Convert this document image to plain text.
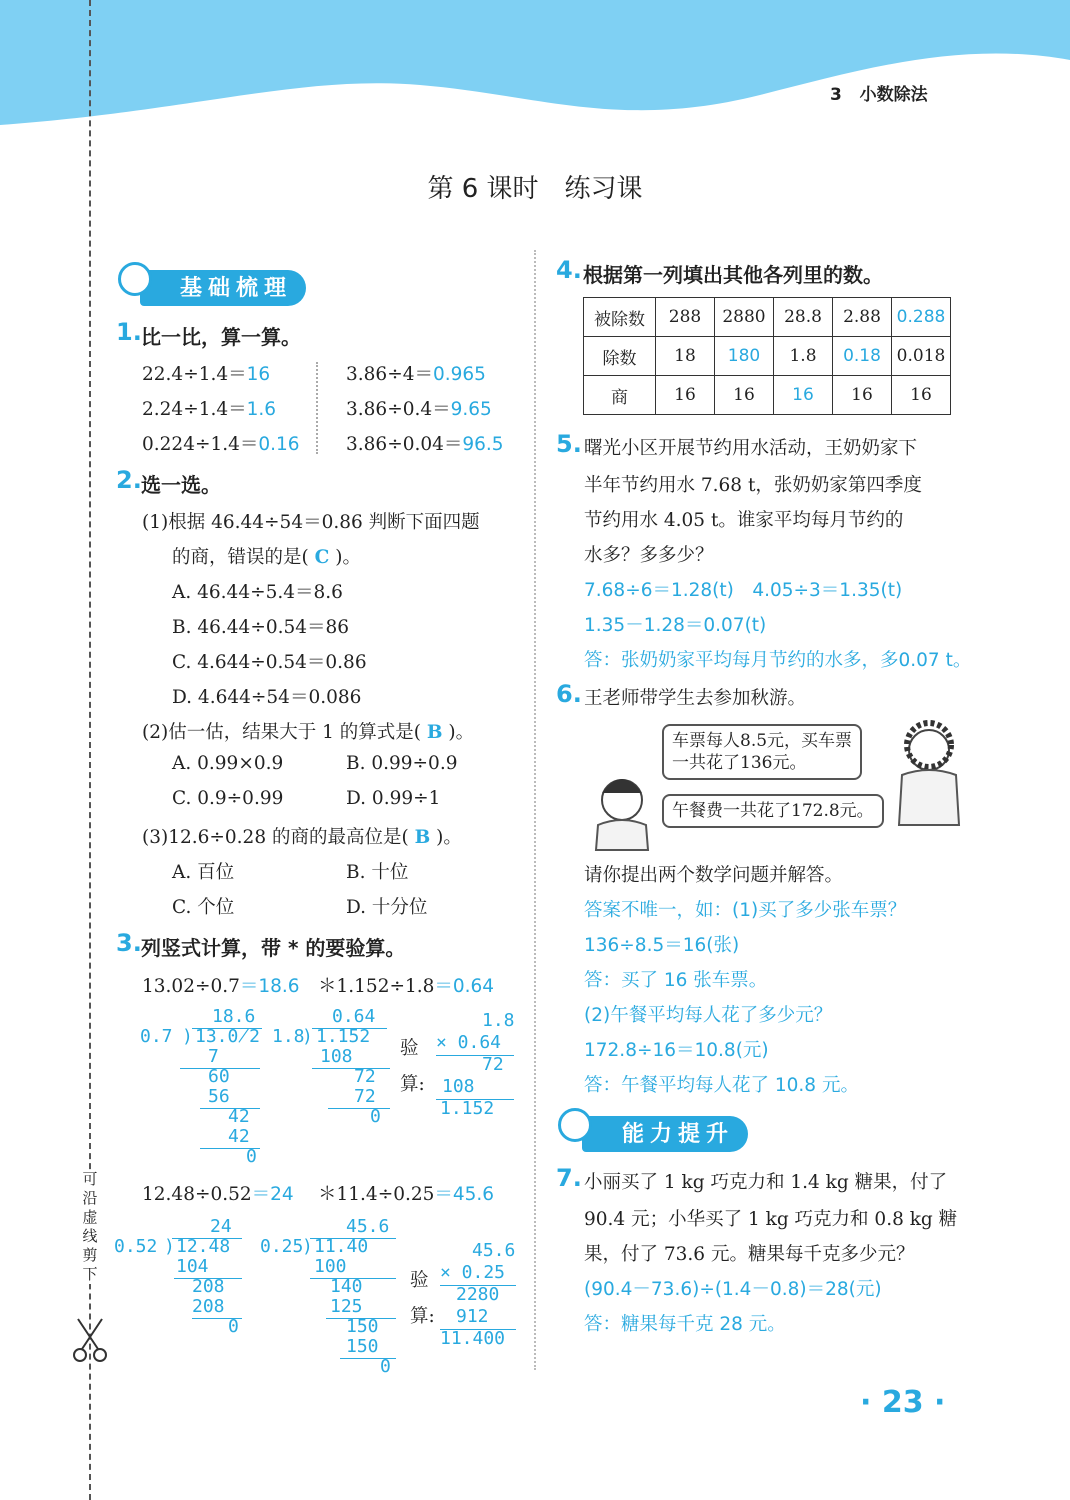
3 小数除法
第 6 课时　练习课
基础梳理
1. 比一比，算一算。
22.4÷1.4＝16
2.24÷1.4＝1.6
0.224÷1.4＝0.16
3.86÷4＝0.965
3.86÷0.4＝9.65
3.86÷0.04＝96.5
2. 选一选。
(1)根据 46.44÷54＝0.86 判断下面四题
的商，错误的是( C )。
A. 46.44÷5.4＝8.6
B. 46.44÷0.54＝86
C. 4.644÷0.54＝0.86
D. 4.644÷54＝0.086
(2)估一估，结果大于 1 的算式是( B )。
A. 0.99×0.9	B. 0.99÷0.9
C. 0.9÷0.99	D. 0.99÷1
(3)12.6÷0.28 的商的最高位是( B )。
A. 百位	B. 十位
C. 个位	D. 十分位
3. 列竖式计算，带 * 的要验算。
13.02÷0.7＝18.6 ＊1.152÷1.8＝0.64
18.6
0.7 ) 13.0̸2
7
60
56
42
42
0
0.64
1.8
) 1.152
108
72
72
0
验
算:
1.8
× 0.64
72
108
1.152
12.48÷0.52＝24 ＊11.4÷0.25＝45.6
24
0.52 ) 12.48
104
208
208
0
45.6
0.25
) 11.40
100
140
125
150
150
0
验
算:
45.6
× 0.25
2280
912
11.400
4. 根据第一列填出其他各列里的数。
被除数	288	2880	28.8	2.88	0.288
除数	18	180	1.8	0.18	0.018
商	16	16	16	16	16
5. 曙光小区开展节约用水活动，王奶奶家下
半年节约用水 7.68 t，张奶奶家第四季度
节约用水 4.05 t。谁家平均每月节约的
水多？多多少？
7.68÷6＝1.28(t)　4.05÷3＝1.35(t)
1.35－1.28＝0.07(t)
答：张奶奶家平均每月节约的水多，多0.07 t。
6. 王老师带学生去参加秋游。
车票每人8.5元，买车票
一共花了136元。
午餐费一共花了172.8元。
请你提出两个数学问题并解答。
答案不唯一，如：(1)买了多少张车票？
136÷8.5＝16(张)
答：买了 16 张车票。
(2)午餐平均每人花了多少元？
172.8÷16＝10.8(元)
答：午餐平均每人花了 10.8 元。
能力提升
7. 小丽买了 1 kg 巧克力和 1.4 kg 糖果，付了
90.4 元；小华买了 1 kg 巧克力和 0.8 kg 糖
果，付了 73.6 元。糖果每千克多少元？
(90.4－73.6)÷(1.4－0.8)＝28(元)
答：糖果每千克 28 元。
可
沿
虚
线
剪
下
· 23 ·
